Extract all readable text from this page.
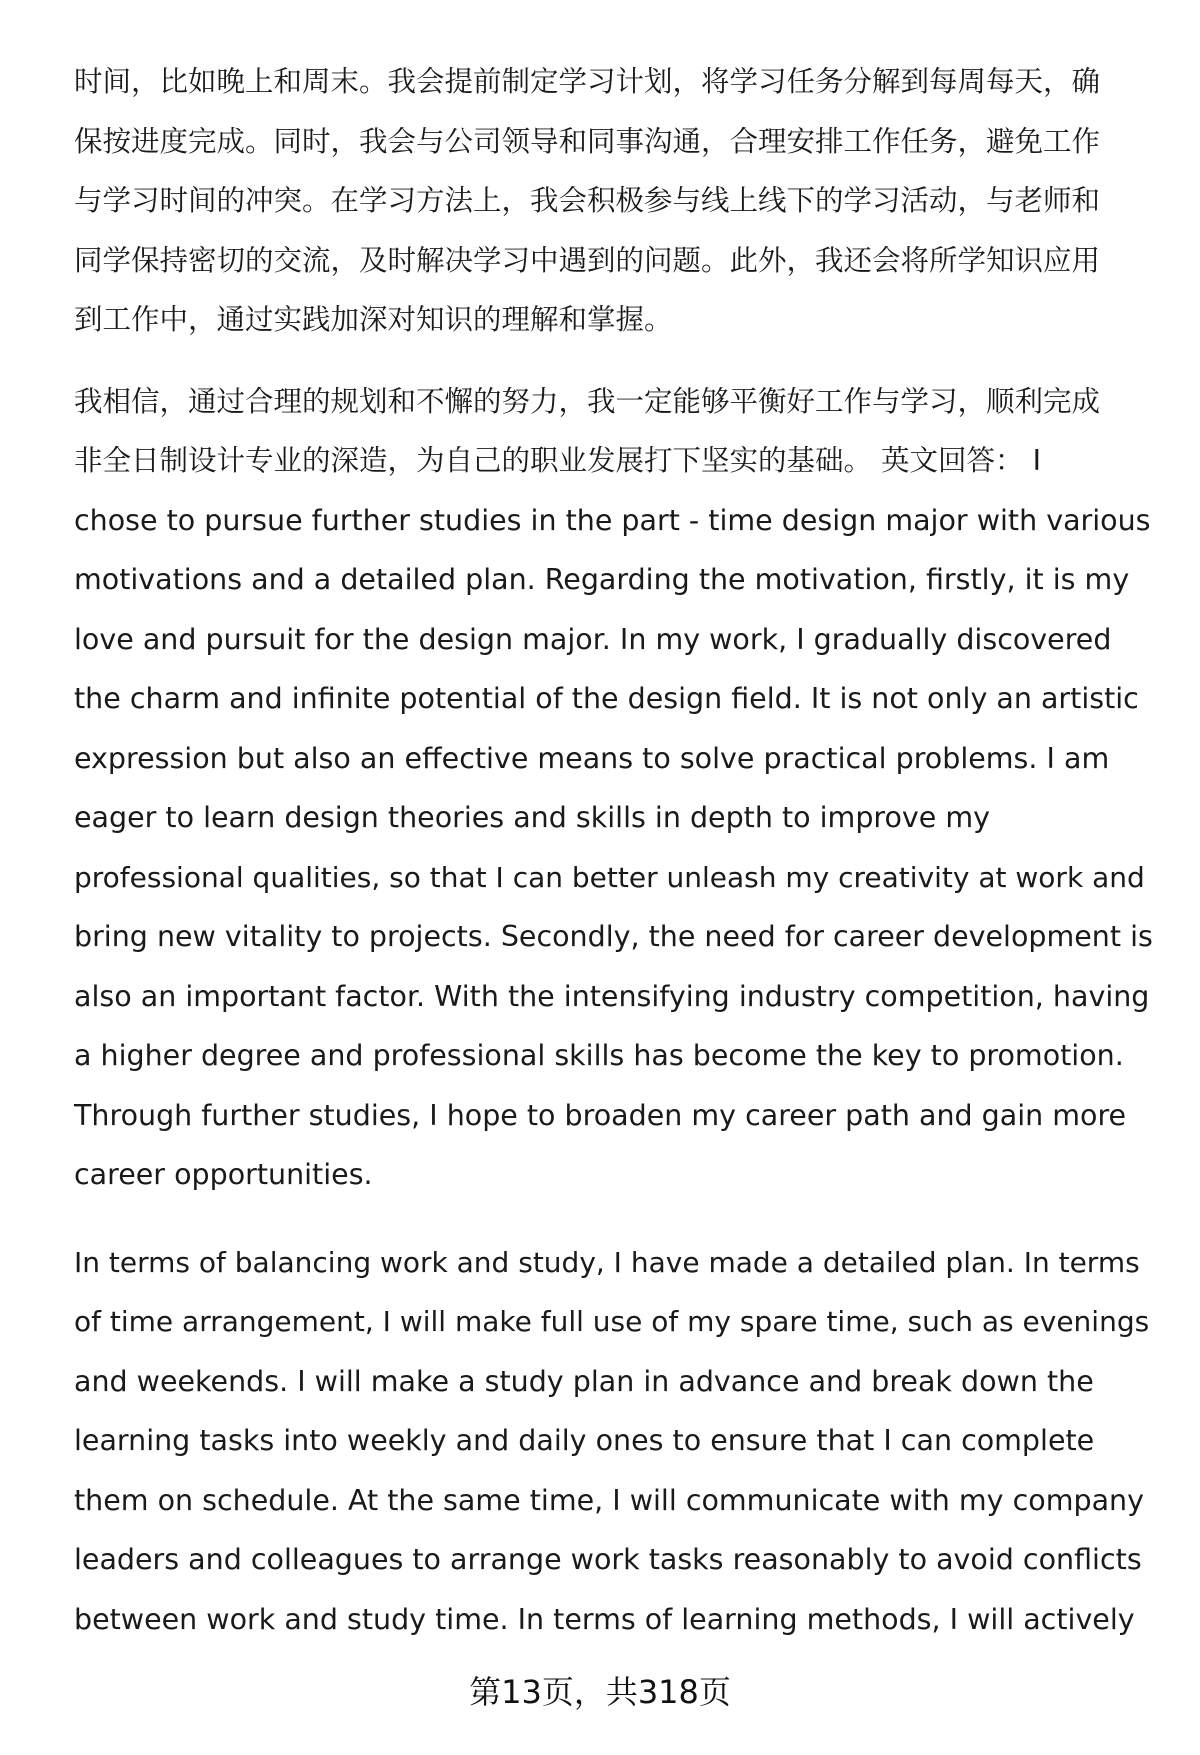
时间，比如晚上和周末。我会提前制定学习计划，将学习任务分解到每周每天，确
保按进度完成。同时，我会与公司领导和同事沟通，合理安排工作任务，避免工作
与学习时间的冲突。在学习方法上，我会积极参与线上线下的学习活动，与老师和
同学保持密切的交流，及时解决学习中遇到的问题。此外，我还会将所学知识应用
到工作中，通过实践加深对知识的理解和掌握。

我相信，通过合理的规划和不懈的努力，我一定能够平衡好工作与学习，顺利完成
非全日制设计专业的深造，为自己的职业发展打下坚实的基础。 英文回答： I
chose to pursue further studies in the part - time design major with various
motivations and a detailed plan. Regarding the motivation, firstly, it is my
love and pursuit for the design major. In my work, I gradually discovered
the charm and infinite potential of the design field. It is not only an artistic
expression but also an effective means to solve practical problems. I am
eager to learn design theories and skills in depth to improve my
professional qualities, so that I can better unleash my creativity at work and
bring new vitality to projects. Secondly, the need for career development is
also an important factor. With the intensifying industry competition, having
a higher degree and professional skills has become the key to promotion.
Through further studies, I hope to broaden my career path and gain more
career opportunities.

In terms of balancing work and study, I have made a detailed plan. In terms
of time arrangement, I will make full use of my spare time, such as evenings
and weekends. I will make a study plan in advance and break down the
learning tasks into weekly and daily ones to ensure that I can complete
them on schedule. At the same time, I will communicate with my company
leaders and colleagues to arrange work tasks reasonably to avoid conflicts
between work and study time. In terms of learning methods, I will actively

第13页，共318页
